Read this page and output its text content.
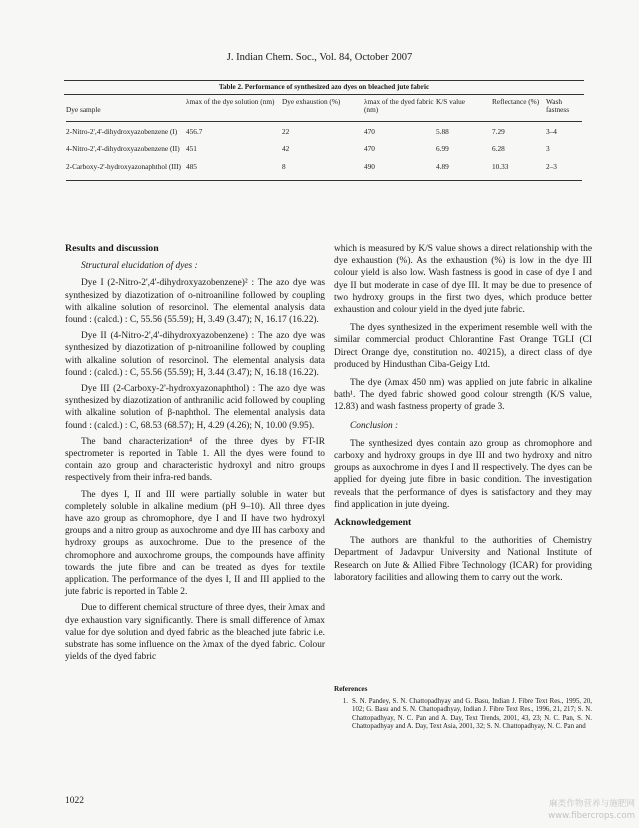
J. Indian Chem. Soc., Vol. 84, October 2007
Table 2. Performance of synthesized azo dyes on bleached jute fabric
Dye sample	λmax of the dye solution (nm)	Dye exhaustion (%)	λmax of the dyed fabric (nm)	K/S value	Reflectance (%)	Wash fastness

2-Nitro-2',4'-dihydroxyazobenzene (I)	456.7	22	470	5.88	7.29	3–4
4-Nitro-2',4'-dihydroxyazobenzene (II)	451	42	470	6.99	6.28	3
2-Carboxy-2'-hydroxyazonaphthol (III)	485	8	490	4.89	10.33	2–3

Results and discussion

Structural elucidation of dyes :

Dye I (2-Nitro-2',4'-dihydroxyazobenzene)² : The azo dye was synthesized by diazotization of o-nitroaniline followed by coupling with alkaline solution of resorcinol. The elemental analysis data found : (calcd.) : C, 55.56 (55.59); H, 3.49 (3.47); N, 16.17 (16.22).

Dye II (4-Nitro-2',4'-dihydroxyazobenzene) : The azo dye was synthesized by diazotization of p-nitroaniline followed by coupling with alkaline solution of resorcinol. The elemental analysis data found : (calcd.) : C, 55.56 (55.59); H, 3.44 (3.47); N, 16.18 (16.22).

Dye III (2-Carboxy-2'-hydroxyazonaphthol) : The azo dye was synthesized by diazotization of anthranilic acid followed by coupling with alkaline solution of β-naphthol. The elemental analysis data found : (calcd.) : C, 68.53 (68.57); H, 4.29 (4.26); N, 10.00 (9.95).

The band characterization⁴ of the three dyes by FT-IR spectrometer is reported in Table 1. All the dyes were found to contain azo group and characteristic hydroxyl and nitro groups respectively from their infra-red bands.

The dyes I, II and III were partially soluble in water but completely soluble in alkaline medium (pH 9–10). All three dyes have azo group as chromophore, dye I and II have two hydroxyl groups and a nitro group as auxochrome and dye III has carboxy and hydroxy groups as auxochrome. Due to the presence of the chromophore and auxochrome groups, the compounds have affinity towards the jute fibre and can be treated as dyes for textile application. The performance of the dyes I, II and III applied to the jute fabric is reported in Table 2.

Due to different chemical structure of three dyes, their λmax and dye exhaustion vary significantly. There is small difference of λmax value for dye solution and dyed fabric as the bleached jute fabric i.e. substrate has some influence on the λmax of the dyed fabric. Colour yields of the dyed fabric

which is measured by K/S value shows a direct relationship with the dye exhaustion (%). As the exhaustion (%) is low in the dye III colour yield is also low. Wash fastness is good in case of dye I and dye II but moderate in case of dye III. It may be due to presence of two hydroxy groups in the first two dyes, which produce better exhaustion and colour yield in the dyed jute fabric.

The dyes synthesized in the experiment resemble well with the similar commercial product Chlorantine Fast Orange TGLI (CI Direct Orange dye, constitution no. 40215), a direct class of dye produced by Hindusthan Ciba-Geigy Ltd.

The dye (λmax 450 nm) was applied on jute fabric in alkaline bath¹. The dyed fabric showed good colour strength (K/S value, 12.83) and wash fastness property of grade 3.

Conclusion :

The synthesized dyes contain azo group as chromophore and carboxy and hydroxy groups in dye III and two hydroxy and nitro groups as auxochrome in dyes I and II respectively. The dyes can be applied for dyeing jute fibre in basic condition. The investigation reveals that the performance of dyes is satisfactory and they may find application in jute dyeing.

Acknowledgement

The authors are thankful to the authorities of Chemistry Department of Jadavpur University and National Institute of Research on Jute & Allied Fibre Technology (ICAR) for providing laboratory facilities and allowing them to carry out the work.

References
1. S. N. Pandey, S. N. Chattopadhyay and G. Basu, Indian J. Fibre Text Res., 1995, 20, 102; G. Basu and S. N. Chattopadhyay, Indian J. Fibre Text Res., 1996, 21, 217; S. N. Chattopadhyay, N. C. Pan and A. Day, Text Trends, 2001, 43, 23; N. C. Pan, S. N. Chattopadhyay and A. Day, Text Asia, 2001, 32; S. N. Chattopadhyay, N. C. Pan and
1022	麻类作物营养与施肥网
www.fibercrops.com
